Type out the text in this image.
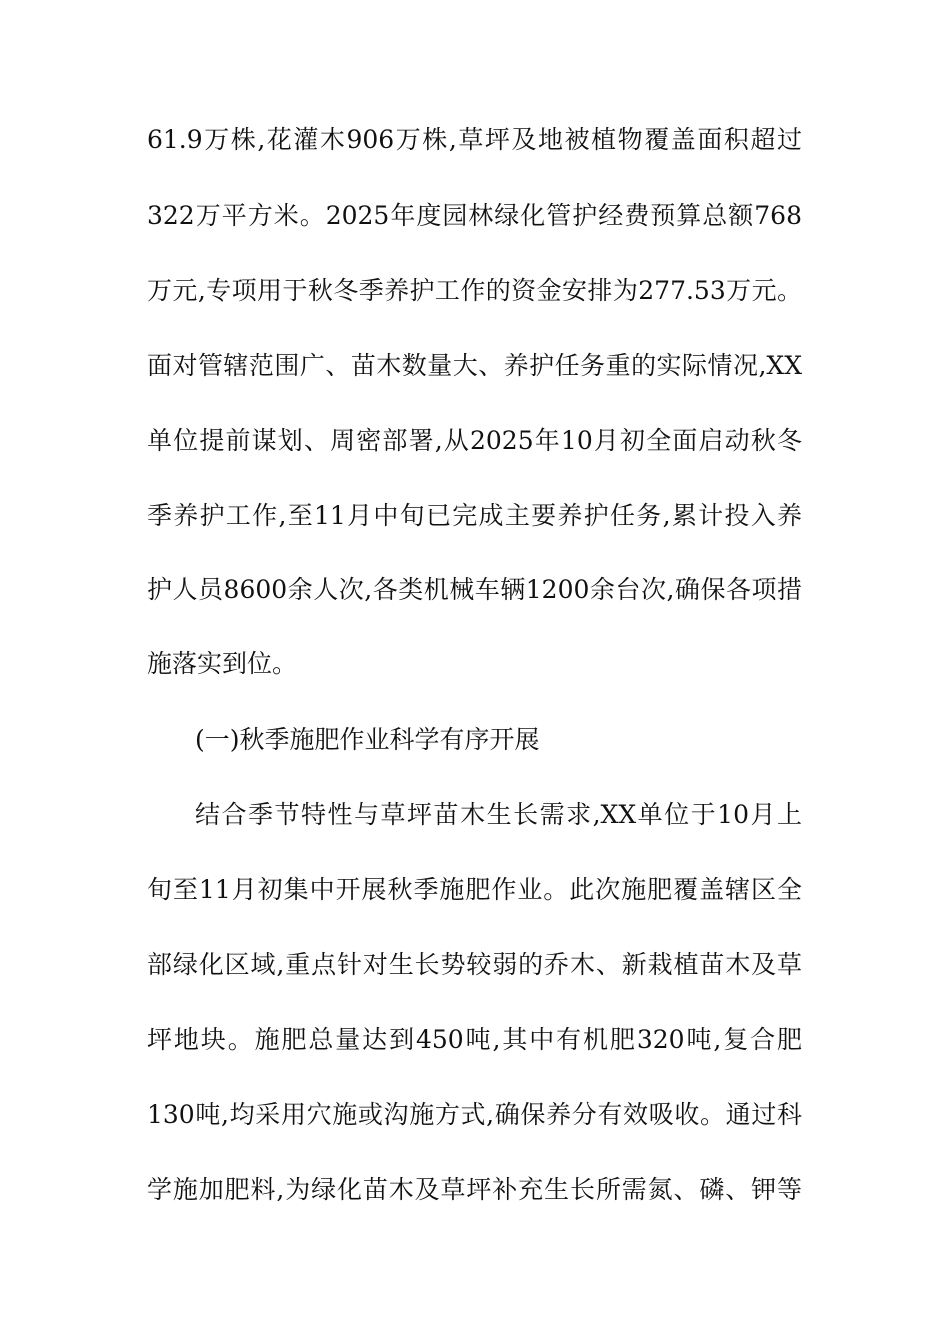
61.9万株,花灌木906万株,草坪及地被植物覆盖面积超过
322万平方米。2025年度园林绿化管护经费预算总额768
万元,专项用于秋冬季养护工作的资金安排为277.53万元。
面对管辖范围广、苗木数量大、养护任务重的实际情况,XX
单位提前谋划、周密部署,从2025年10月初全面启动秋冬
季养护工作,至11月中旬已完成主要养护任务,累计投入养
护人员8600余人次,各类机械车辆1200余台次,确保各项措
施落实到位。
(一)秋季施肥作业科学有序开展
结合季节特性与草坪苗木生长需求,XX单位于10月上
旬至11月初集中开展秋季施肥作业。此次施肥覆盖辖区全
部绿化区域,重点针对生长势较弱的乔木、新栽植苗木及草
坪地块。施肥总量达到450吨,其中有机肥320吨,复合肥
130吨,均采用穴施或沟施方式,确保养分有效吸收。通过科
学施加肥料,为绿化苗木及草坪补充生长所需氮、磷、钾等
